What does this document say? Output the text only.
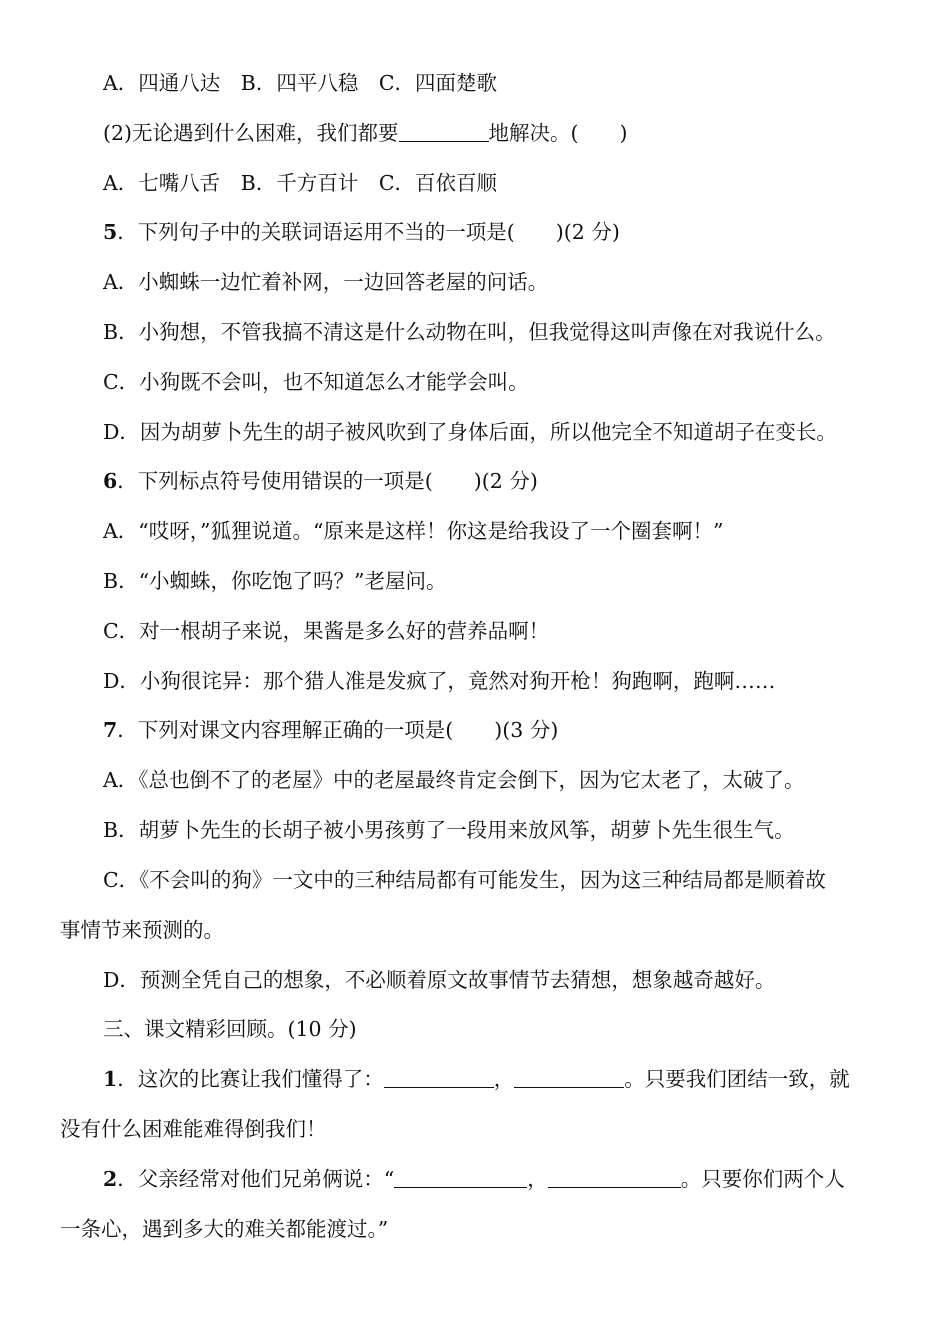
A．四通八达　B．四平八稳　C．四面楚歌
(2)无论遇到什么困难，我们都要	地解决。(　　)
A．七嘴八舌　B．千方百计　C．百依百顺
5．下列句子中的关联词语运用不当的一项是(　　)(2 分)
A．小蜘蛛一边忙着补网，一边回答老屋的问话。
B．小狗想，不管我搞不清这是什么动物在叫，但我觉得这叫声像在对我说什么。
C．小狗既不会叫，也不知道怎么才能学会叫。
D．因为胡萝卜先生的胡子被风吹到了身体后面，所以他完全不知道胡子在变长。
6．下列标点符号使用错误的一项是(　　)(2 分)
A．“哎呀，”狐狸说道。“原来是这样！你这是给我设了一个圈套啊！”
B．“小蜘蛛，你吃饱了吗？”老屋问。
C．对一根胡子来说，果酱是多么好的营养品啊！
D．小狗很诧异：那个猎人准是发疯了，竟然对狗开枪！狗跑啊，跑啊……
7．下列对课文内容理解正确的一项是(　　)(3 分)
A．《总也倒不了的老屋》中的老屋最终肯定会倒下，因为它太老了，太破了。
B．胡萝卜先生的长胡子被小男孩剪了一段用来放风筝，胡萝卜先生很生气。
C．《不会叫的狗》一文中的三种结局都有可能发生，因为这三种结局都是顺着故
事情节来预测的。
D．预测全凭自己的想象，不必顺着原文故事情节去猜想，想象越奇越好。
三、课文精彩回顾。(10 分)
1．这次的比赛让我们懂得了：	，	。只要我们团结一致，就
没有什么困难能难得倒我们！
2．父亲经常对他们兄弟俩说：“	，	。只要你们两个人
一条心，遇到多大的难关都能渡过。”
